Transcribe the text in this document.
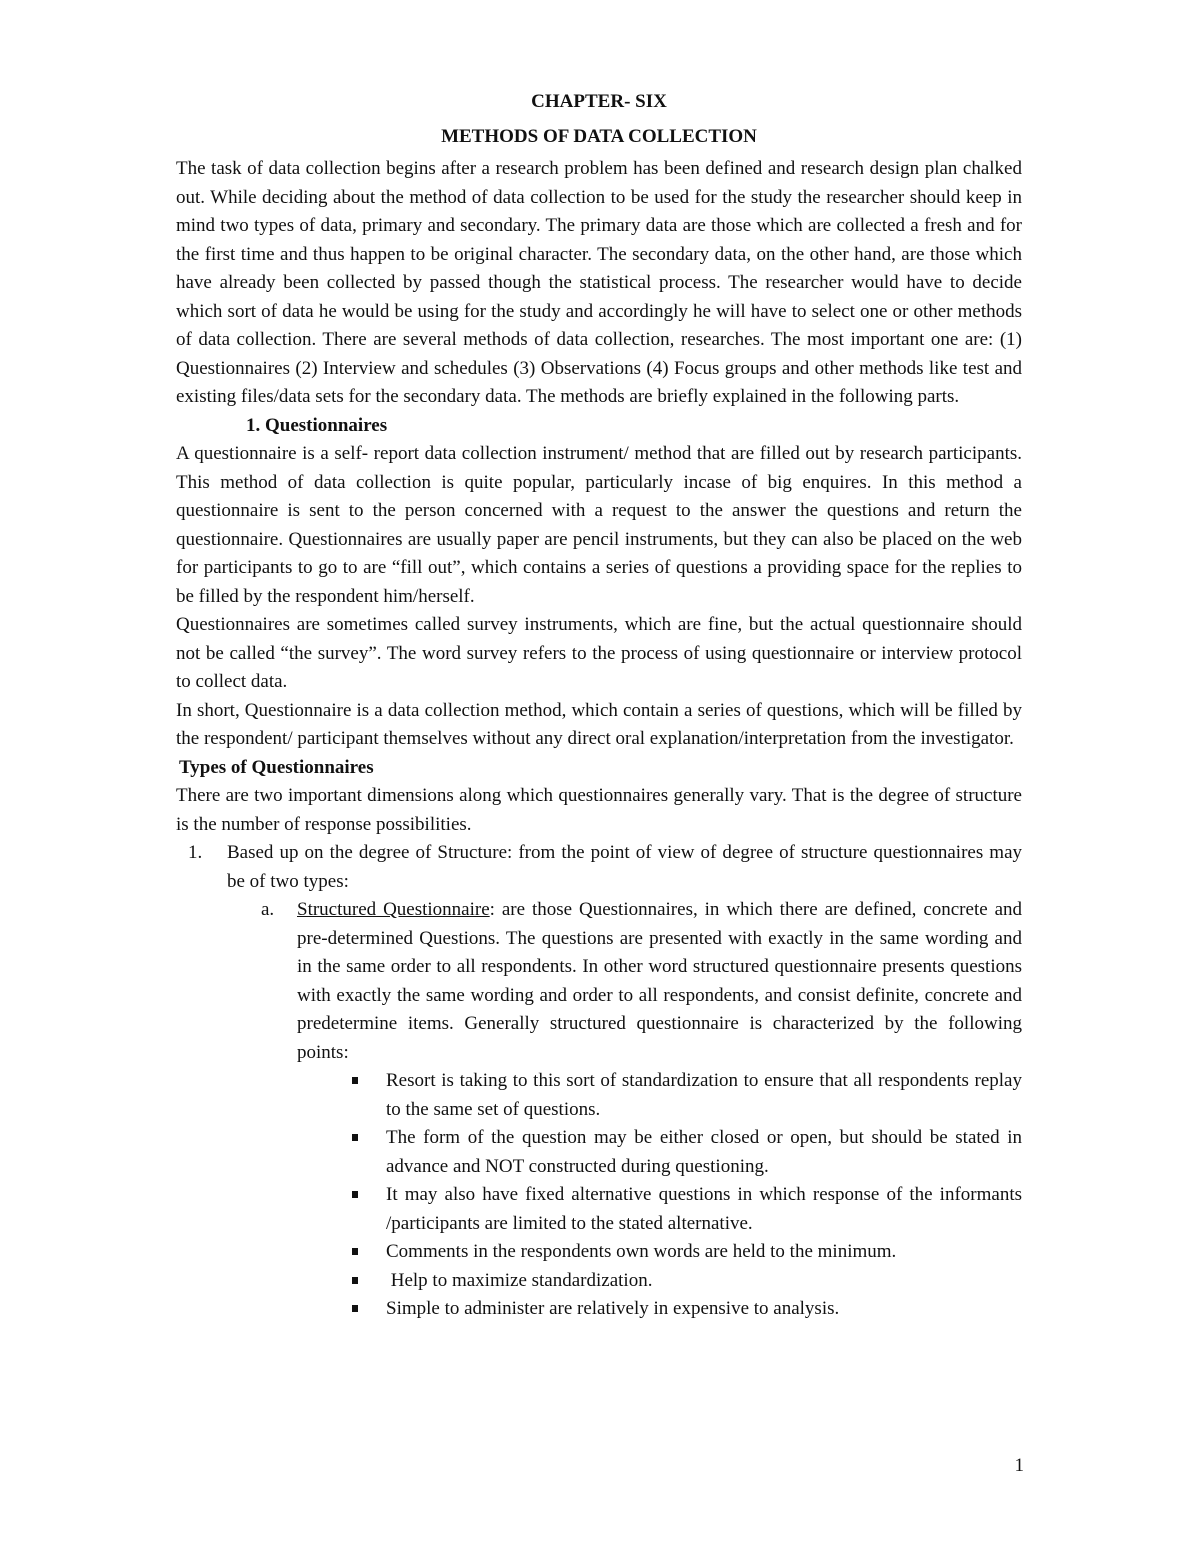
CHAPTER- SIX
METHODS OF DATA COLLECTION

The task of data collection begins after a research problem has been defined and research design plan chalked out. While deciding about the method of data collection to be used for the study the researcher should keep in mind two types of data, primary and secondary. The primary data are those which are collected a fresh and for the first time and thus happen to be original character. The secondary data, on the other hand, are those which have already been collected by passed though the statistical process. The researcher would have to decide which sort of data he would be using for the study and accordingly he will have to select one or other methods of data collection. There are several methods of data collection, researches. The most important one are: (1) Questionnaires (2) Interview and schedules (3) Observations (4) Focus groups and other methods like test and existing files/data sets for the secondary data. The methods are briefly explained in the following parts.

1. Questionnaires

A questionnaire is a self- report data collection instrument/ method that are filled out by research participants. This method of data collection is quite popular, particularly incase of big enquires. In this method a questionnaire is sent to the person concerned with a request to the answer the questions and return the questionnaire. Questionnaires are usually paper are pencil instruments, but they can also be placed on the web for participants to go to are “fill out”, which contains a series of questions a providing space for the replies to be filled by the respondent him/herself.

Questionnaires are sometimes called survey instruments, which are fine, but the actual questionnaire should not be called “the survey”. The word survey refers to the process of using questionnaire or interview protocol to collect data.

In short, Questionnaire is a data collection method, which contain a series of questions, which will be filled by the respondent/ participant themselves without any direct oral explanation/interpretation from the investigator.

Types of Questionnaires

There are two important dimensions along which questionnaires generally vary. That is the degree of structure is the number of response possibilities.

1. Based up on the degree of Structure: from the point of view of degree of structure questionnaires may be of two types:

a. Structured Questionnaire: are those Questionnaires, in which there are defined, concrete and pre-determined Questions. The questions are presented with exactly in the same wording and in the same order to all respondents. In other word structured questionnaire presents questions with exactly the same wording and order to all respondents, and consist definite, concrete and predetermine items. Generally structured questionnaire is characterized by the following points:

Resort is taking to this sort of standardization to ensure that all respondents replay to the same set of questions.
The form of the question may be either closed or open, but should be stated in advance and NOT constructed during questioning.
It may also have fixed alternative questions in which response of the informants /participants are limited to the stated alternative.
Comments in the respondents own words are held to the minimum.
Help to maximize standardization.
Simple to administer are relatively in expensive to analysis.
1
